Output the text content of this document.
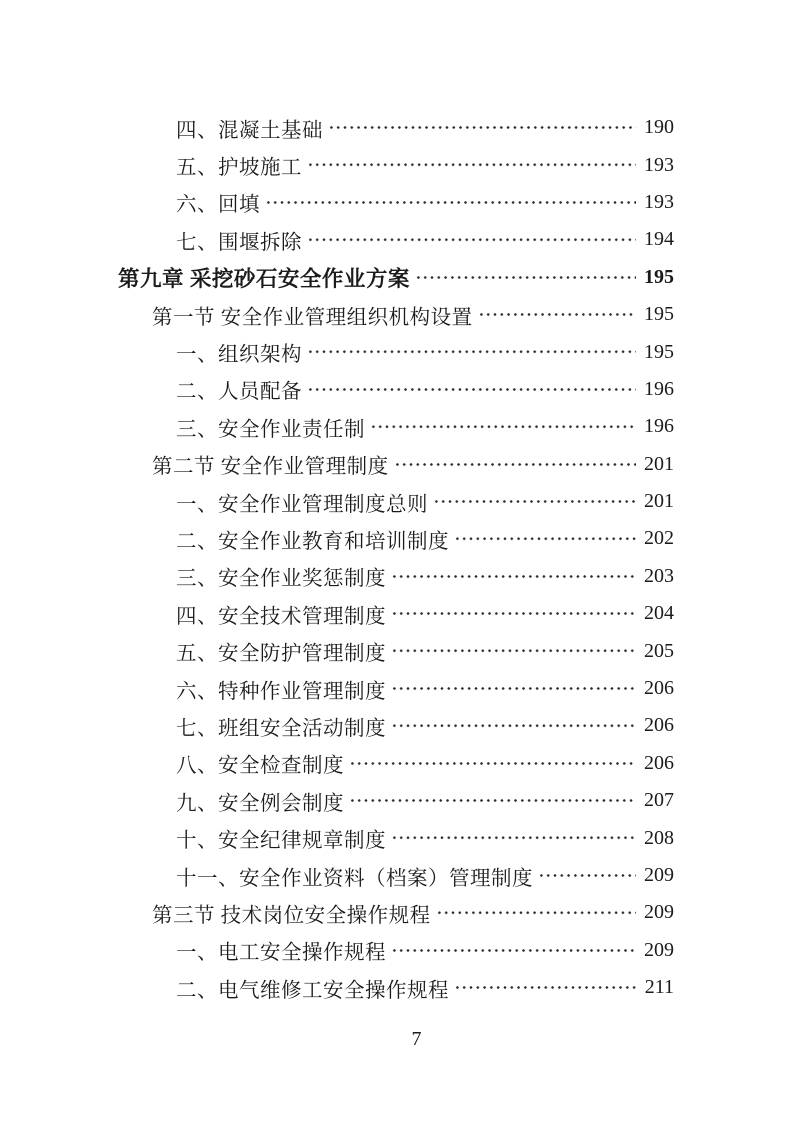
四、混凝土基础	190
五、护坡施工	193
六、回填	193
七、围堰拆除	194
第九章 采挖砂石安全作业方案	195
第一节 安全作业管理组织机构设置	195
一、组织架构	195
二、人员配备	196
三、安全作业责任制	196
第二节 安全作业管理制度	201
一、安全作业管理制度总则	201
二、安全作业教育和培训制度	202
三、安全作业奖惩制度	203
四、安全技术管理制度	204
五、安全防护管理制度	205
六、特种作业管理制度	206
七、班组安全活动制度	206
八、安全检查制度	206
九、安全例会制度	207
十、安全纪律规章制度	208
十一、安全作业资料（档案）管理制度	209
第三节 技术岗位安全操作规程	209
一、电工安全操作规程	209
二、电气维修工安全操作规程	211
7
